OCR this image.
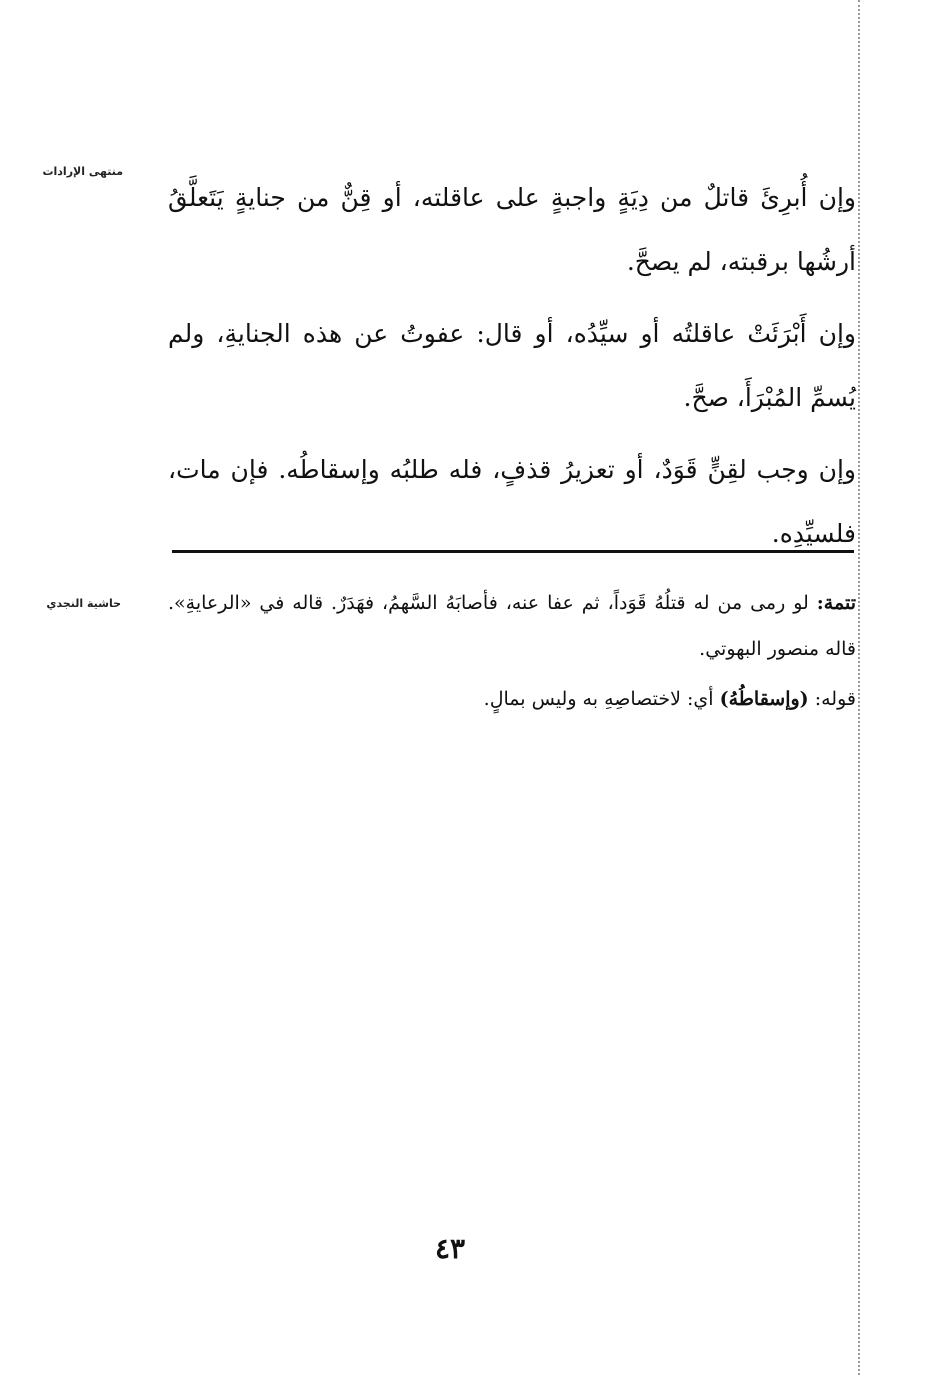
منتهى الإرادات
حاشية النجدي

وإن أُبرِئَ قاتلٌ من دِيَةٍ واجبةٍ على عاقلته، أو قِنٌّ من جنايةٍ يَتَعلَّقُ أرشُها برقبته، لم يصحَّ.

وإن أَبْرَئَتْ عاقلتُه أو سيِّدُه، أو قال: عفوتُ عن هذه الجنايةِ، ولم يُسمِّ المُبْرَأَ، صحَّ.

وإن وجب لقِنٍّ قَوَدٌ، أو تعزيرُ قذفٍ، فله طلبُه وإسقاطُه. فإن مات، فلسيِّدِه.

تتمة: لو رمى من له قتلُهُ قَوَداً، ثم عفا عنه، فأصابَهُ السَّهمُ، فهَدَرٌ. قاله في «الرعايةِ». قاله منصور البهوتي.

قوله: (وإسقاطُهُ) أي: لاختصاصِهِ به وليس بمالٍ.

٤٣
